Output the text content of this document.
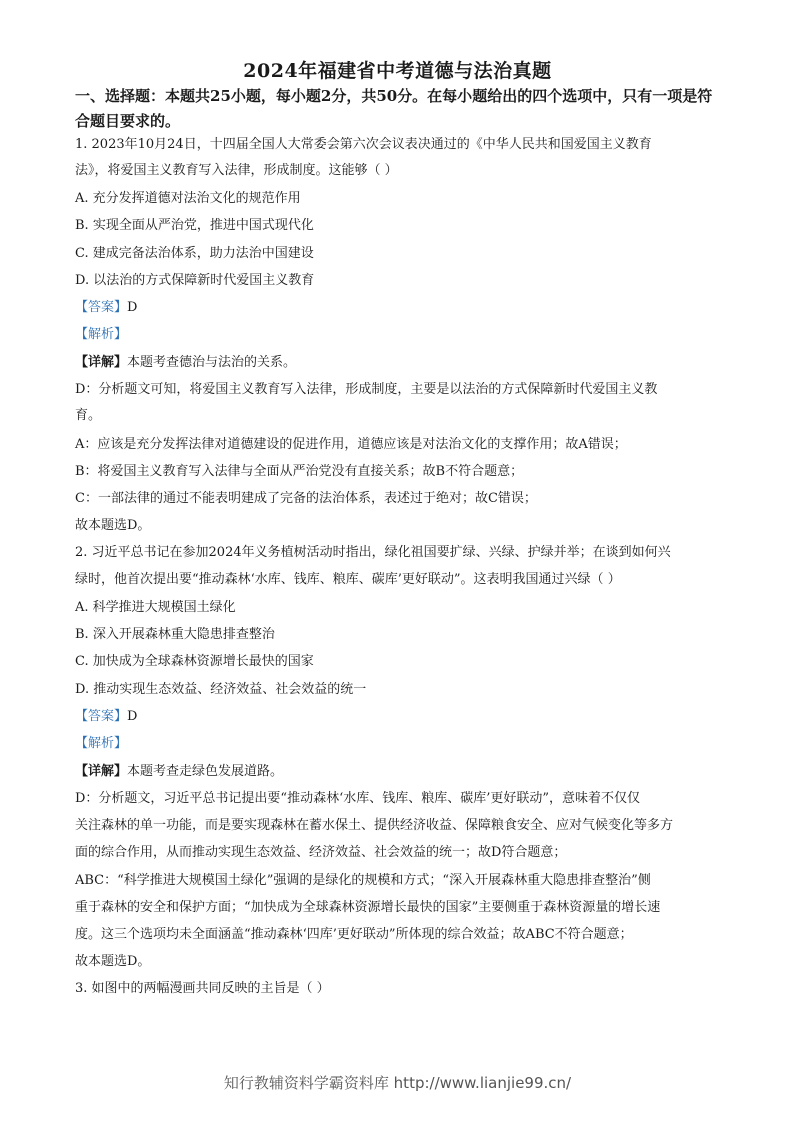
2024年福建省中考道德与法治真题
一、选择题：本题共25小题，每小题2分，共50分。在每小题给出的四个选项中，只有一项是符合题目要求的。
1. 2023年10月24日，十四届全国人大常委会第六次会议表决通过的《中华人民共和国爱国主义教育
法》，将爱国主义教育写入法律，形成制度。这能够（ ）
A. 充分发挥道德对法治文化的规范作用
B. 实现全面从严治党，推进中国式现代化
C. 建成完备法治体系，助力法治中国建设
D. 以法治的方式保障新时代爱国主义教育
【答案】D
【解析】
【详解】本题考查德治与法治的关系。
D：分析题文可知，将爱国主义教育写入法律，形成制度，主要是以法治的方式保障新时代爱国主义教
育。
A：应该是充分发挥法律对道德建设的促进作用，道德应该是对法治文化的支撑作用；故A错误；
B：将爱国主义教育写入法律与全面从严治党没有直接关系；故B不符合题意；
C：一部法律的通过不能表明建成了完备的法治体系，表述过于绝对；故C错误；
故本题选D。
2. 习近平总书记在参加2024年义务植树活动时指出，绿化祖国要扩绿、兴绿、护绿并举；在谈到如何兴
绿时，他首次提出要“推动森林‘水库、钱库、粮库、碳库’更好联动”。这表明我国通过兴绿（ ）
A. 科学推进大规模国土绿化
B. 深入开展森林重大隐患排查整治
C. 加快成为全球森林资源增长最快的国家
D. 推动实现生态效益、经济效益、社会效益的统一
【答案】D
【解析】
【详解】本题考查走绿色发展道路。
D：分析题文，习近平总书记提出要“推动森林‘水库、钱库、粮库、碳库’更好联动”，意味着不仅仅
关注森林的单一功能，而是要实现森林在蓄水保土、提供经济收益、保障粮食安全、应对气候变化等多方
面的综合作用，从而推动实现生态效益、经济效益、社会效益的统一；故D符合题意；
ABC：“科学推进大规模国土绿化”强调的是绿化的规模和方式；“深入开展森林重大隐患排查整治”侧
重于森林的安全和保护方面；“加快成为全球森林资源增长最快的国家”主要侧重于森林资源量的增长速
度。这三个选项均未全面涵盖“推动森林‘四库’更好联动”所体现的综合效益；故ABC不符合题意；
故本题选D。
3. 如图中的两幅漫画共同反映的主旨是（ ）
知行教辅资料学霸资料库 http://www.lianjie99.cn/
